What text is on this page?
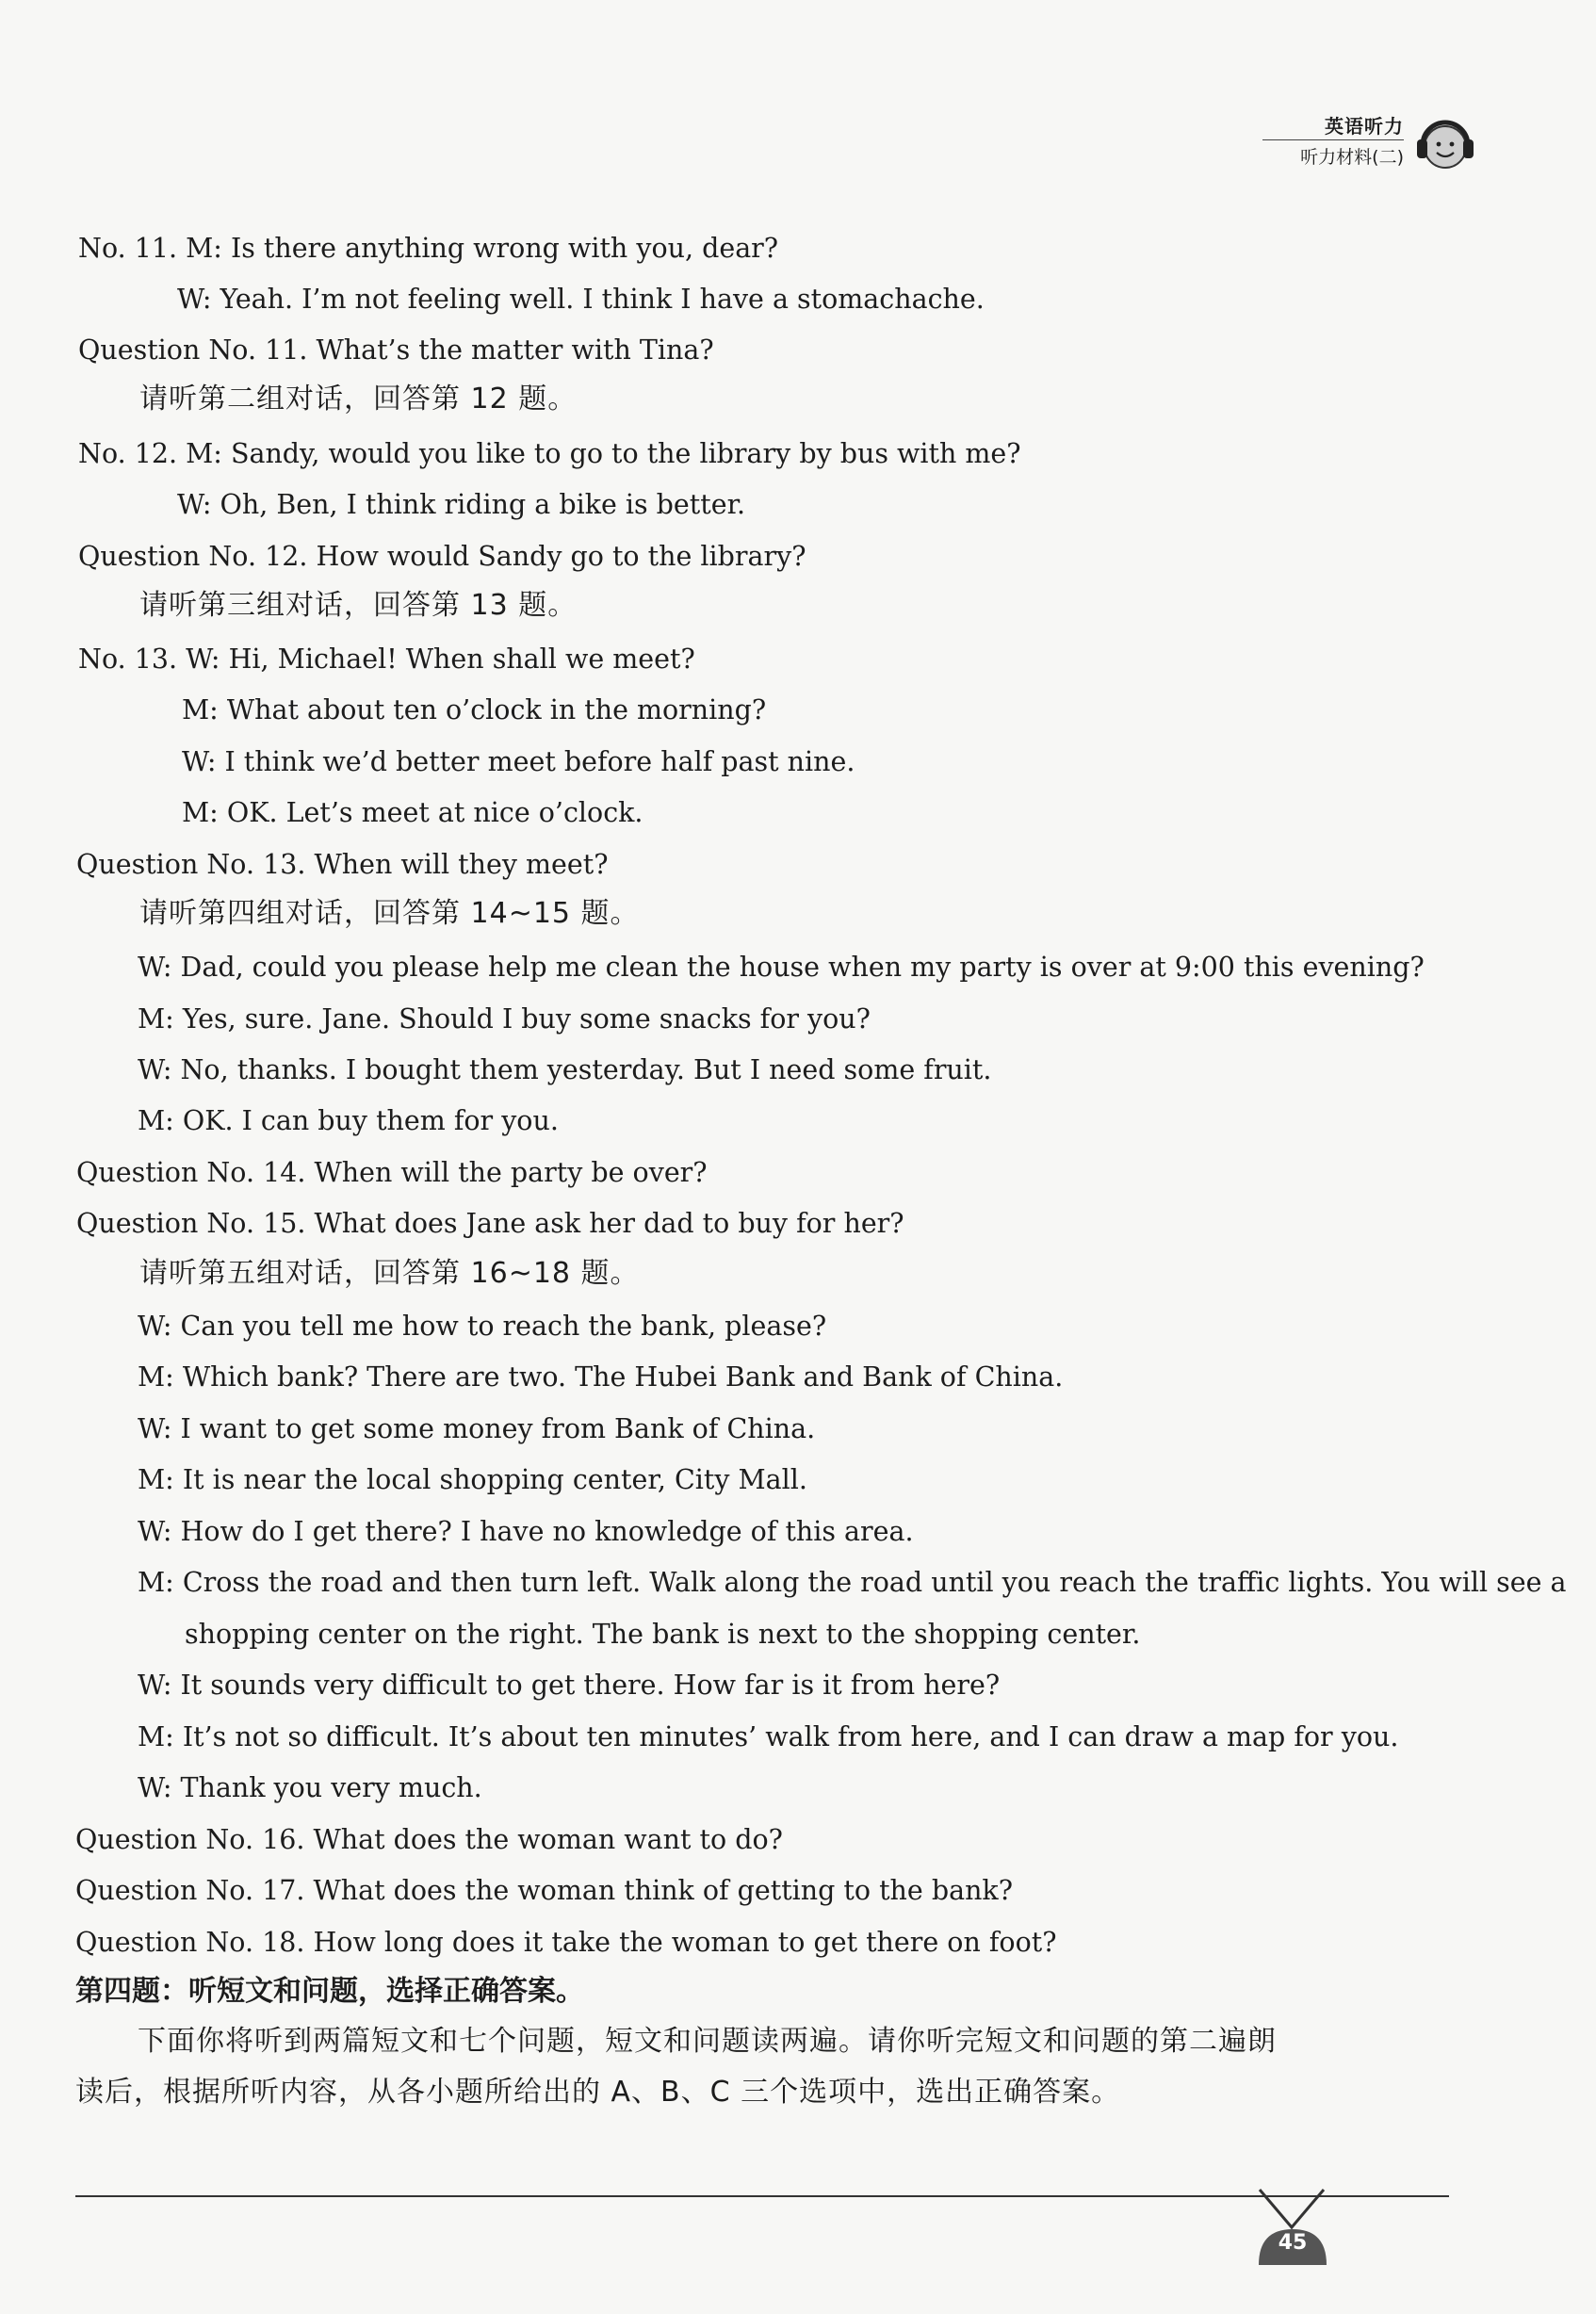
英语听力
听力材料(二)
No. 11. M: Is there anything wrong with you, dear?
W: Yeah. I’m not feeling well. I think I have a stomachache.
Question No. 11. What’s the matter with Tina?
请听第二组对话，回答第 12 题。
No. 12. M: Sandy, would you like to go to the library by bus with me?
W: Oh, Ben, I think riding a bike is better.
Question No. 12. How would Sandy go to the library?
请听第三组对话，回答第 13 题。
No. 13. W: Hi, Michael! When shall we meet?
M: What about ten o’clock in the morning?
W: I think we’d better meet before half past nine.
M: OK. Let’s meet at nice o’clock.
Question No. 13. When will they meet?
请听第四组对话，回答第 14~15 题。
W: Dad, could you please help me clean the house when my party is over at 9:00 this evening?
M: Yes, sure. Jane. Should I buy some snacks for you?
W: No, thanks. I bought them yesterday. But I need some fruit.
M: OK. I can buy them for you.
Question No. 14. When will the party be over?
Question No. 15. What does Jane ask her dad to buy for her?
请听第五组对话，回答第 16~18 题。
W: Can you tell me how to reach the bank, please?
M: Which bank? There are two. The Hubei Bank and Bank of China.
W: I want to get some money from Bank of China.
M: It is near the local shopping center, City Mall.
W: How do I get there? I have no knowledge of this area.
M: Cross the road and then turn left. Walk along the road until you reach the traffic lights. You will see a
shopping center on the right. The bank is next to the shopping center.
W: It sounds very difficult to get there. How far is it from here?
M: It’s not so difficult. It’s about ten minutes’ walk from here, and I can draw a map for you.
W: Thank you very much.
Question No. 16. What does the woman want to do?
Question No. 17. What does the woman think of getting to the bank?
Question No. 18. How long does it take the woman to get there on foot?
第四题：听短文和问题，选择正确答案。
下面你将听到两篇短文和七个问题，短文和问题读两遍。请你听完短文和问题的第二遍朗
读后，根据所听内容，从各小题所给出的 A、B、C 三个选项中，选出正确答案。
45
